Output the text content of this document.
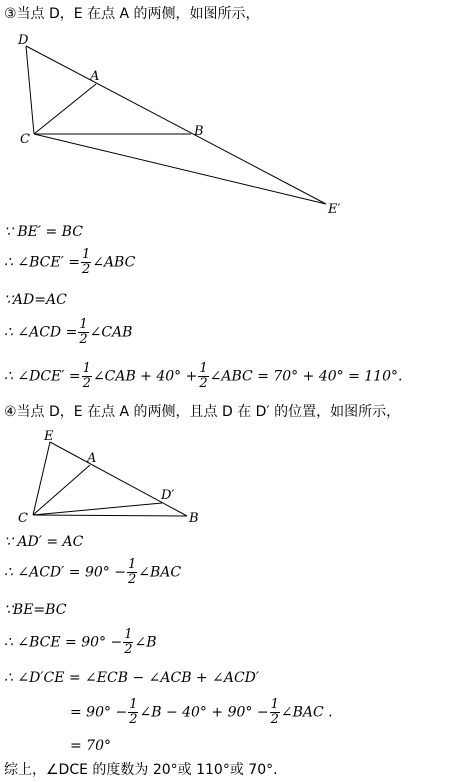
③当点 D，E 在点 A 的两侧，如图所示，
D
A
C
B
E′
∵ BE′ = BC
∴ ∠BCE′ = $\frac{1}{2}$ ∠ABC
∵AD=AC
∴ ∠ACD = $\frac{1}{2}$ ∠CAB
∴ ∠DCE′ = $\frac{1}{2}$ ∠CAB + $40^\circ + \frac{1}{2}$ ∠ABC = 70° + 40° = 110°.
④当点 D，E 在点 A 的两侧，且点 D 在 D′ 的位置，如图所示，
E
A
D′
C	B
∵ AD′ = AC
∴ ∠ACD′ = $90^\circ - \frac{1}{2}$ ∠BAC
∵BE=BC
∴ ∠BCE = $90^\circ - \frac{1}{2}$ ∠B
∴ ∠D′CE = ∠ECB − ∠ACB + ∠ACD′
= $90^\circ - \frac{1}{2}$ ∠B − $40^\circ + 90^\circ - \frac{1}{2}$ ∠BAC .
= 70°
综上，∠DCE 的度数为 20°或 110°或 70°.
